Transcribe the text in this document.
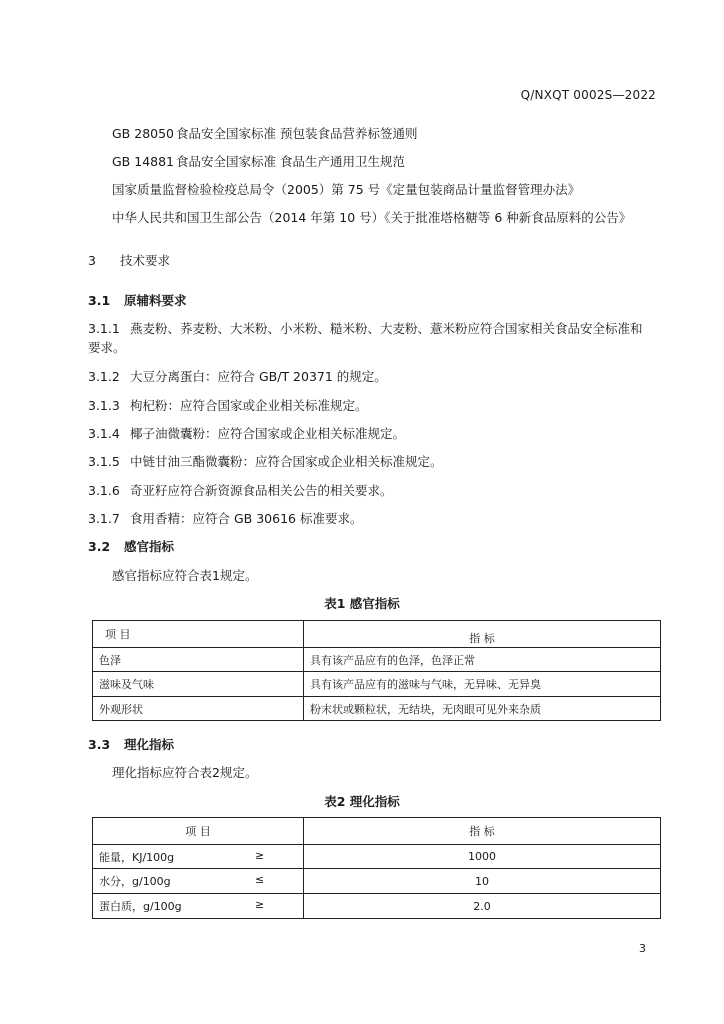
Q/NXQT 0002S—2022
GB 28050 食品安全国家标准 预包装食品营养标签通则
GB 14881 食品安全国家标准 食品生产通用卫生规范
国家质量监督检验检疫总局令（2005）第 75 号《定量包装商品计量监督管理办法》
中华人民共和国卫生部公告（2014 年第 10 号）《关于批准塔格糖等 6 种新食品原料的公告》
3 技术要求
3.1 原辅料要求
3.1.1 燕麦粉、荞麦粉、大米粉、小米粉、糙米粉、大麦粉、薏米粉应符合国家相关食品安全标准和
要求。
3.1.2 大豆分离蛋白：应符合 GB/T 20371 的规定。
3.1.3 枸杞粉：应符合国家或企业相关标准规定。
3.1.4 椰子油微囊粉：应符合国家或企业相关标准规定。
3.1.5 中链甘油三酯微囊粉：应符合国家或企业相关标准规定。
3.1.6 奇亚籽应符合新资源食品相关公告的相关要求。
3.1.7 食用香精：应符合 GB 30616 标准要求。
3.2 感官指标
感官指标应符合表1规定。
表1 感官指标
项 目	指 标
色泽	具有该产品应有的色泽，色泽正常
滋味及气味	具有该产品应有的滋味与气味，无异味、无异臭
外观形状	粉末状或颗粒状，无结块，无肉眼可见外来杂质
3.3 理化指标
理化指标应符合表2规定。
表2 理化指标
项 目	指 标
能量，KJ/100g ≥	1000
水分，g/100g ≤	10
蛋白质，g/100g ≥	2.0
3
